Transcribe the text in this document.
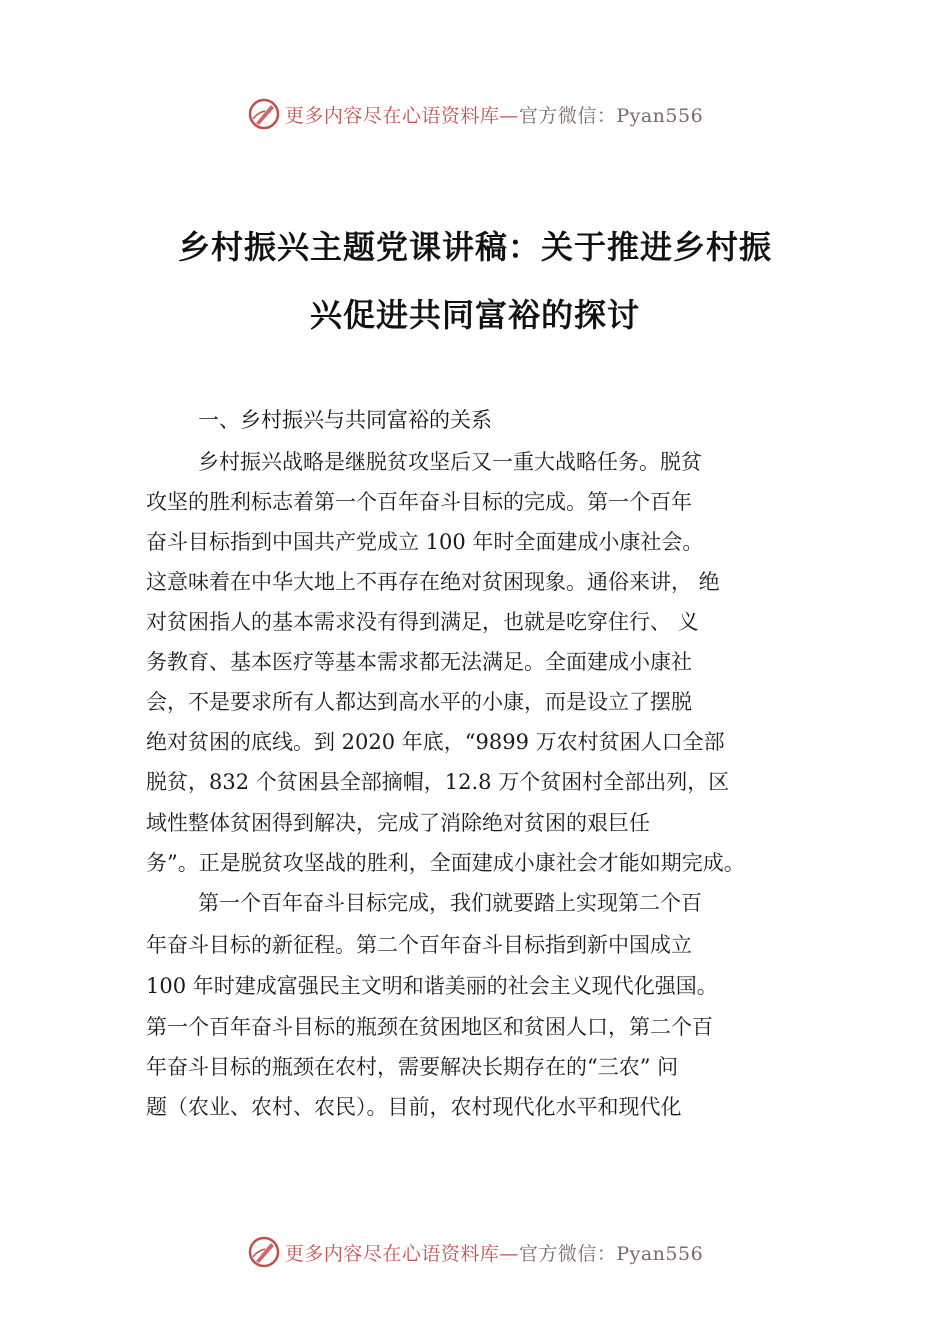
更多内容尽在心语资料库—官方微信：Pyan556
乡村振兴主题党课讲稿：关于推进乡村振
兴促进共同富裕的探讨
一、乡村振兴与共同富裕的关系
乡村振兴战略是继脱贫攻坚后又一重大战略任务。脱贫
攻坚的胜利标志着第一个百年奋斗目标的完成。第一个百年
奋斗目标指到中国共产党成立 100 年时全面建成小康社会。
这意味着在中华大地上不再存在绝对贫困现象。通俗来讲， 绝
对贫困指人的基本需求没有得到满足，也就是吃穿住行、 义
务教育、基本医疗等基本需求都无法满足。全面建成小康社
会，不是要求所有人都达到高水平的小康，而是设立了摆脱
绝对贫困的底线。到 2020 年底，“9899 万农村贫困人口全部
脱贫，832 个贫困县全部摘帽，12.8 万个贫困村全部出列，区
域性整体贫困得到解决，完成了消除绝对贫困的艰巨任
务”。正是脱贫攻坚战的胜利，全面建成小康社会才能如期完成。
第一个百年奋斗目标完成，我们就要踏上实现第二个百
年奋斗目标的新征程。第二个百年奋斗目标指到新中国成立
100 年时建成富强民主文明和谐美丽的社会主义现代化强国。
第一个百年奋斗目标的瓶颈在贫困地区和贫困人口，第二个百
年奋斗目标的瓶颈在农村，需要解决长期存在的“三农” 问
题（农业、农村、农民）。目前，农村现代化水平和现代化
更多内容尽在心语资料库—官方微信：Pyan556
